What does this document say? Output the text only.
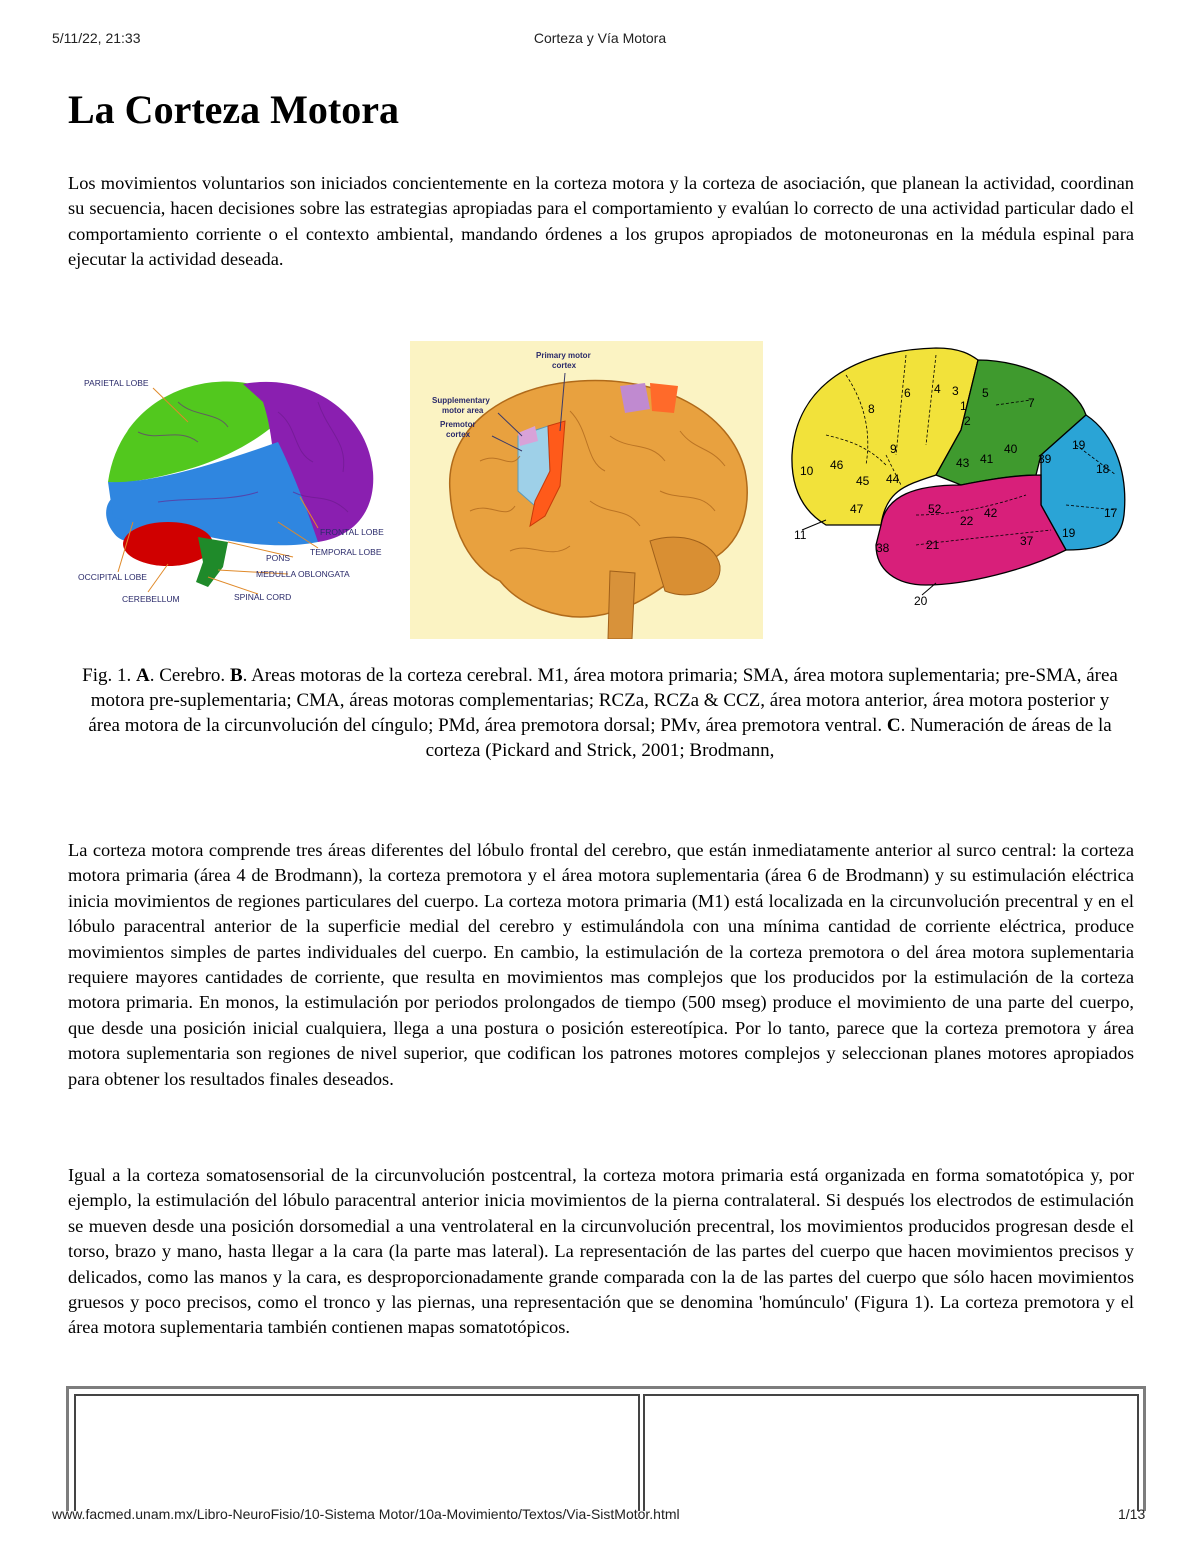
5/11/22, 21:33	Corteza y Vía Motora
La Corteza Motora

Los movimientos voluntarios son iniciados concientemente en la corteza motora y la corteza de asociación, que planean la actividad, coordinan su secuencia, hacen decisiones sobre las estrategias apropiadas para el comportamiento y evalúan lo correcto de una actividad particular dado el comportamiento corriente o el contexto ambiental, mandando órdenes a los grupos apropiados de motoneuronas en la médula espinal para ejecutar la actividad deseada.

PARIETAL LOBE
FRONTAL LOBE
TEMPORAL LOBE
PONS
MEDULLA OBLONGATA
OCCIPITAL LOBE
CEREBELLUM	SPINAL CORD
Primary motor
cortex
Supplementary
motor area
Premotor
cortex
8
6 4 3
1
2
5
7
9
10 46
45 44
43 41
40
39
19
18
17
47	52
22
42
11
38	21	37
19
20

Fig. 1. A. Cerebro. B. Areas motoras de la corteza cerebral. M1, área motora primaria; SMA, área motora suplementaria; pre-SMA, área motora pre-suplementaria; CMA, áreas motoras complementarias; RCZa, RCZa & CCZ, área motora anterior, área motora posterior y área motora de la circunvolución del cíngulo; PMd, área premotora dorsal; PMv, área premotora ventral. C. Numeración de áreas de la corteza (Pickard and Strick, 2001; Brodmann,

La corteza motora comprende tres áreas diferentes del lóbulo frontal del cerebro, que están inmediatamente anterior al surco central: la corteza motora primaria (área 4 de Brodmann), la corteza premotora y el área motora suplementaria (área 6 de Brodmann) y su estimulación eléctrica inicia movimientos de regiones particulares del cuerpo. La corteza motora primaria (M1) está localizada en la circunvolución precentral y en el lóbulo paracentral anterior de la superficie medial del cerebro y estimulándola con una mínima cantidad de corriente eléctrica, produce movimientos simples de partes individuales del cuerpo. En cambio, la estimulación de la corteza premotora o del área motora suplementaria requiere mayores cantidades de corriente, que resulta en movimientos mas complejos que los producidos por la estimulación de la corteza motora primaria. En monos, la estimulación por periodos prolongados de tiempo (500 mseg) produce el movimiento de una parte del cuerpo, que desde una posición inicial cualquiera, llega a una postura o posición estereotípica. Por lo tanto, parece que la corteza premotora y área motora suplementaria son regiones de nivel superior, que codifican los patrones motores complejos y seleccionan planes motores apropiados para obtener los resultados finales deseados.

Igual a la corteza somatosensorial de la circunvolución postcentral, la corteza motora primaria está organizada en forma somatotópica y, por ejemplo, la estimulación del lóbulo paracentral anterior inicia movimientos de la pierna contralateral. Si después los electrodos de estimulación se mueven desde una posición dorsomedial a una ventrolateral en la circunvolución precentral, los movimientos producidos progresan desde el torso, brazo y mano, hasta llegar a la cara (la parte mas lateral). La representación de las partes del cuerpo que hacen movimientos precisos y delicados, como las manos y la cara, es desproporcionadamente grande comparada con la de las partes del cuerpo que sólo hacen movimientos gruesos y poco precisos, como el tronco y las piernas, una representación que se denomina 'homúnculo' (Figura 1). La corteza premotora y el área motora suplementaria también contienen mapas somatotópicos.

www.facmed.unam.mx/Libro-NeuroFisio/10-Sistema Motor/10a-Movimiento/Textos/Via-SistMotor.html	1/13
